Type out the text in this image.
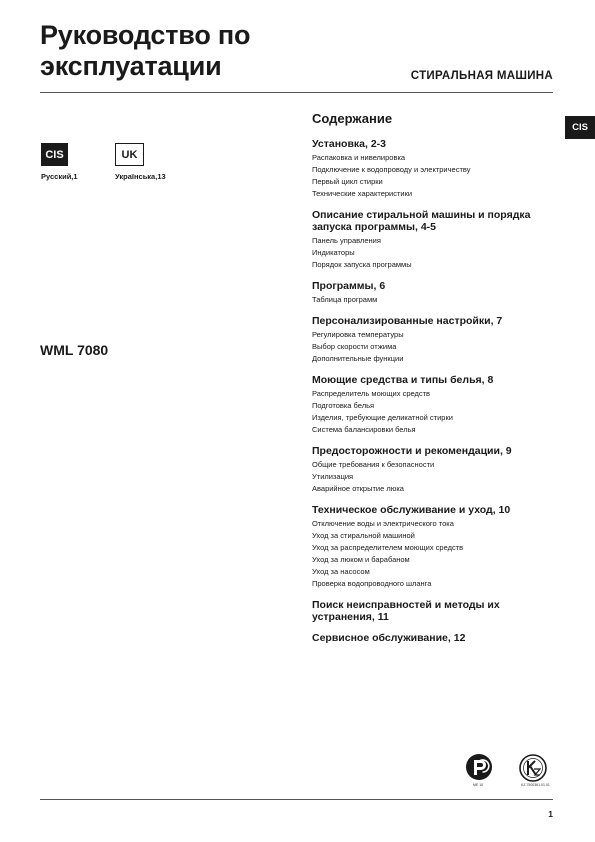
Руководство по
эксплуатации	СТИРАЛЬНАЯ МАШИНА
CIS
CIS
Русский,1
UK
Українська,13
WML 7080
Содержание
Установка, 2-3
Распаковка и нивелировка
Подключение к водопроводу и электричеству
Первый цикл стирки
Технические характеристики
Описание стиральной машины и порядка запуска программы, 4-5
Панель управления
Индикаторы
Порядок запуска программы
Программы, 6
Таблица программ
Персонализированные настройки, 7
Регулировка температуры
Выбор скорости отжима
Дополнительные функции
Моющие средства и типы белья, 8
Распределитель моющих средств
Подготовка белья
Изделия, требующие деликатной стирки
Система балансировки белья
Предосторожности и рекомендации, 9
Общие требования к безопасности
Утилизация
Аварийное открытие люка
Техническое обслуживание и уход, 10
Отключение воды и электрического тока
Уход за стиральной машиной
Уход за распределителем моющих средств
Уход за люком и барабаном
Уход за насосом
Проверка водопроводного шланга
Поиск неисправностей и методы их устранения, 11
Сервисное обслуживание, 12
МЕ 10	KZ.7500361.01.01
1
